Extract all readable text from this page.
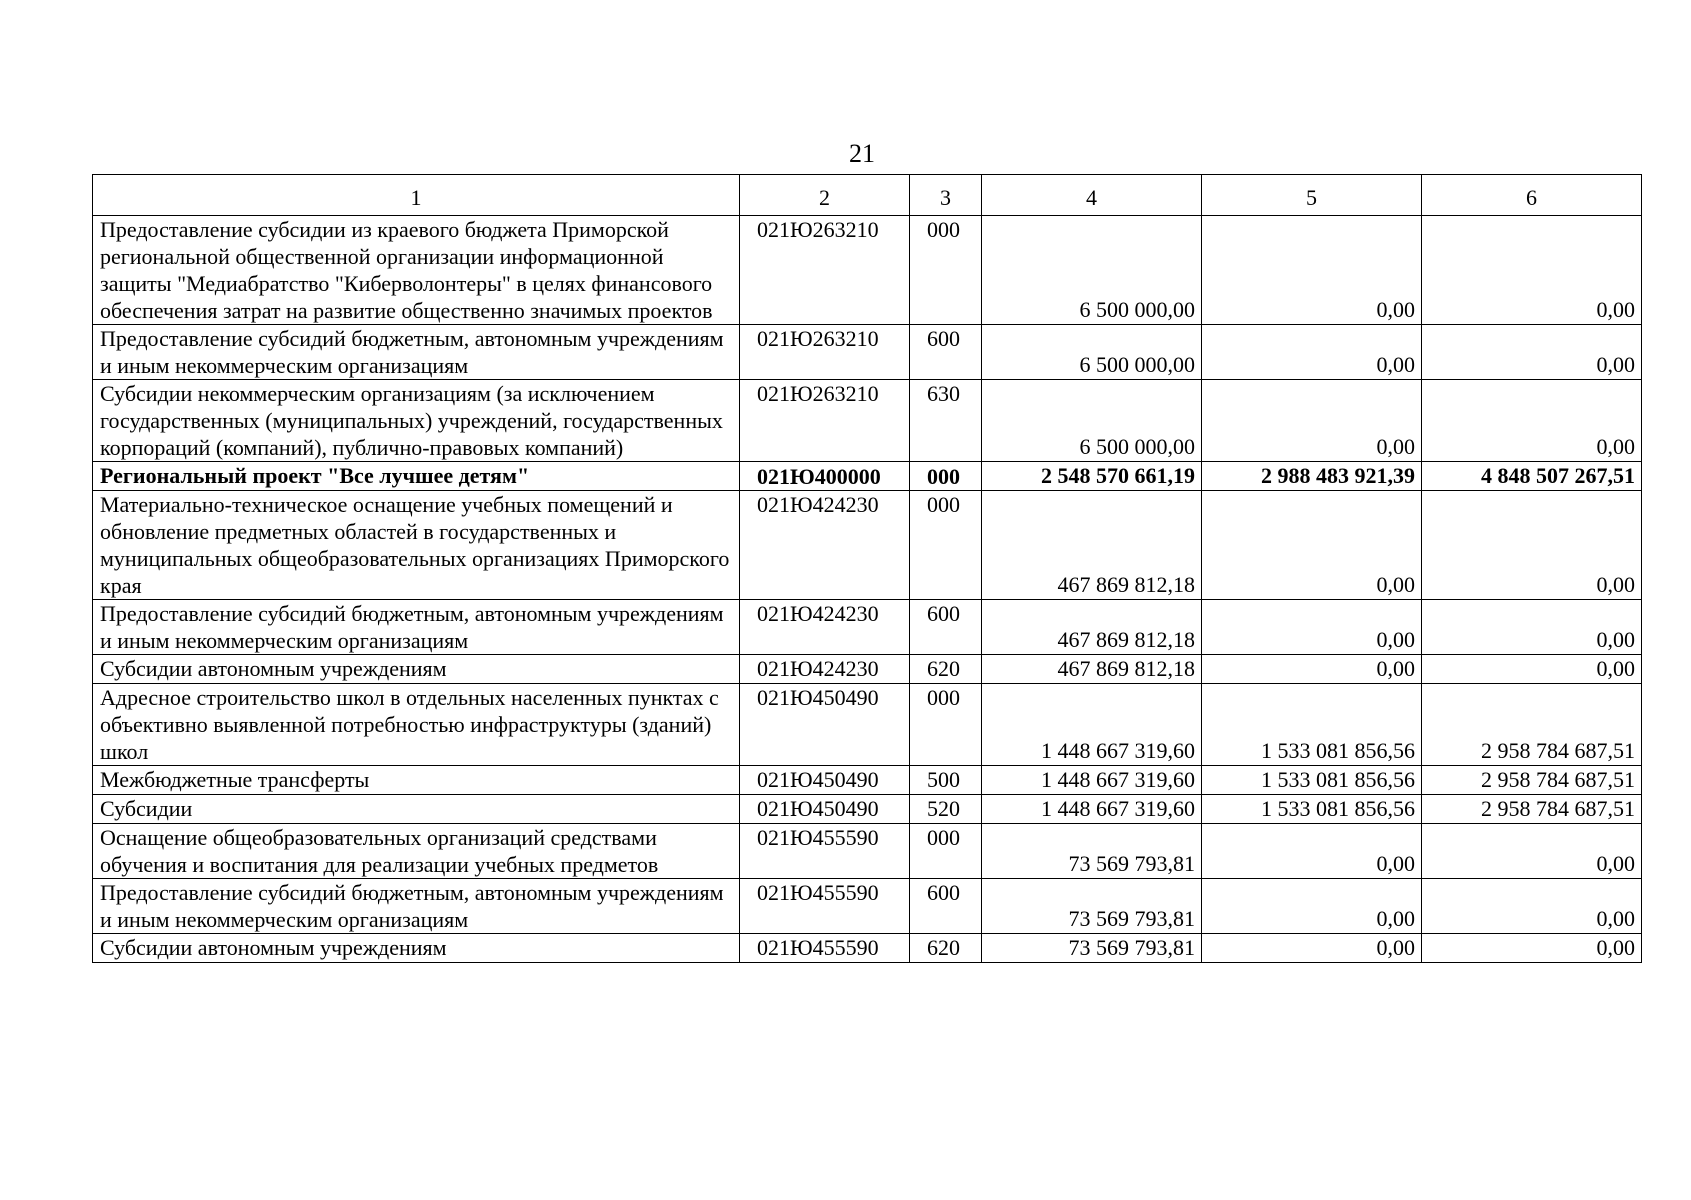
21
1	2	3	4	5	6
Предоставление субсидии из краевого бюджета Приморской региональной общественной организации информационной защиты "Медиабратство "Киберволонтеры" в целях финансового обеспечения затрат на развитие общественно значимых проектов	021Ю263210	000	6 500 000,00	0,00	0,00
Предоставление субсидий бюджетным, автономным учреждениям и иным некоммерческим организациям	021Ю263210	600	6 500 000,00	0,00	0,00
Субсидии некоммерческим организациям (за исключением государственных (муниципальных) учреждений, государственных корпораций (компаний), публично-правовых компаний)	021Ю263210	630	6 500 000,00	0,00	0,00
Региональный проект "Все лучшее детям"	021Ю400000	000	2 548 570 661,19	2 988 483 921,39	4 848 507 267,51
Материально-техническое оснащение учебных помещений и обновление предметных областей в государственных и муниципальных общеобразовательных организациях Приморского края	021Ю424230	000	467 869 812,18	0,00	0,00
Предоставление субсидий бюджетным, автономным учреждениям и иным некоммерческим организациям	021Ю424230	600	467 869 812,18	0,00	0,00
Субсидии автономным учреждениям	021Ю424230	620	467 869 812,18	0,00	0,00
Адресное строительство школ в отдельных населенных пунктах с объективно выявленной потребностью инфраструктуры (зданий) школ	021Ю450490	000	1 448 667 319,60	1 533 081 856,56	2 958 784 687,51
Межбюджетные трансферты	021Ю450490	500	1 448 667 319,60	1 533 081 856,56	2 958 784 687,51
Субсидии	021Ю450490	520	1 448 667 319,60	1 533 081 856,56	2 958 784 687,51
Оснащение общеобразовательных организаций средствами обучения и воспитания для реализации учебных предметов	021Ю455590	000	73 569 793,81	0,00	0,00
Предоставление субсидий бюджетным, автономным учреждениям и иным некоммерческим организациям	021Ю455590	600	73 569 793,81	0,00	0,00
Субсидии автономным учреждениям	021Ю455590	620	73 569 793,81	0,00	0,00
